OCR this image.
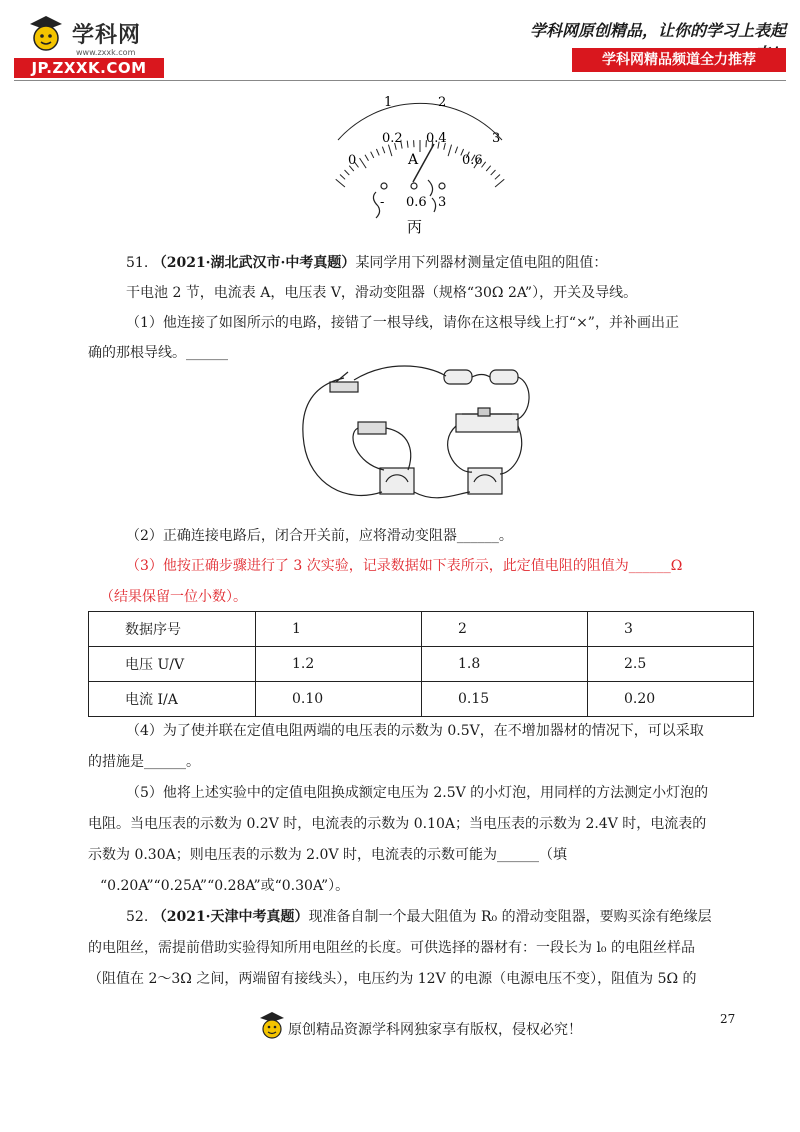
学科网
www.zxxk.com
JP.ZXXK.COM
学科网原创精品，让你的学习上表起
学科网精品频道全力推荐
1	2
0.2 0.4	3
0	0.6
A
- 0.6 3
丙
51. （2021·湖北武汉市·中考真题）某同学用下列器材测量定值电阻的阻值：
干电池 2 节，电流表 A，电压表 V，滑动变阻器（规格“30Ω 2A”），开关及导线。
（1）他连接了如图所示的电路，接错了一根导线，请你在这根导线上打“×”，并补画出正
确的那根导线。______
（2）正确连接电路后，闭合开关前，应将滑动变阻器______。
（3）他按正确步骤进行了 3 次实验，记录数据如下表所示，此定值电阻的阻值为______Ω
（结果保留一位小数）。
数据序号	1	2	3
电压 U/V	1.2	1.8	2.5
电流 I/A	0.10	0.15	0.20
（4）为了使并联在定值电阻两端的电压表的示数为 0.5V，在不增加器材的情况下，可以采取
的措施是______。
（5）他将上述实验中的定值电阻换成额定电压为 2.5V 的小灯泡，用同样的方法测定小灯泡的
电阻。当电压表的示数为 0.2V 时，电流表的示数为 0.10A；当电压表的示数为 2.4V 时，电流表的
示数为 0.30A；则电压表的示数为 2.0V 时，电流表的示数可能为______（填
“0.20A”“0.25A”“0.28A”或“0.30A”）。
52. （2021·天津中考真题）现准备自制一个最大阻值为 R₀ 的滑动变阻器，要购买涂有绝缘层
的电阻丝，需提前借助实验得知所用电阻丝的长度。可供选择的器材有：一段长为 l₀ 的电阻丝样品
（阻值在 2～3Ω 之间，两端留有接线头），电压约为 12V 的电源（电源电压不变），阻值为 5Ω 的
原创精品资源学科网独家享有版权，侵权必究！
27
